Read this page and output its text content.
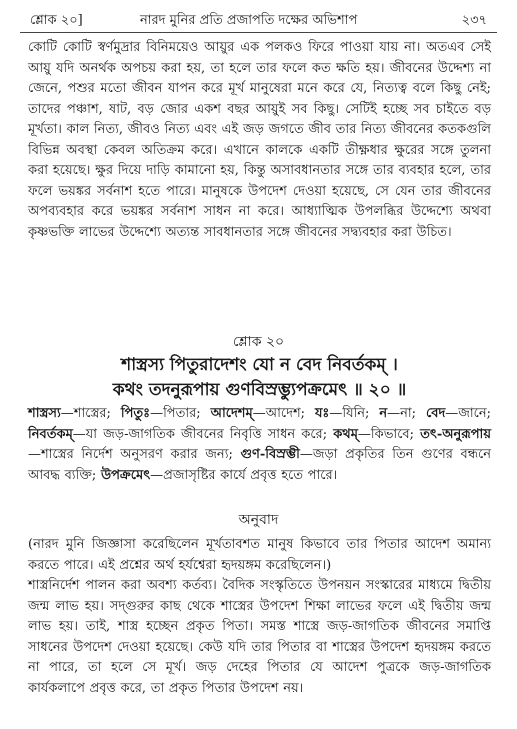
শ্লোক ২০]	নারদ মুনির প্রতি প্রজাপতি দক্ষের অভিশাপ	২৩৭
কোটি কোটি স্বর্ণমুদ্রার বিনিময়েও আয়ুর এক পলকও ফিরে পাওয়া যায় না। অতএব সেই আয়ু যদি অনর্থক অপচয় করা হয়, তা হলে তার ফলে কত ক্ষতি হয়। জীবনের উদ্দেশ্য না জেনে, পশুর মতো জীবন যাপন করে মূর্খ মানুষেরা মনে করে যে, নিত্যত্ব বলে কিছু নেই; তাদের পঞ্চাশ, ষাট, বড় জোর একশ বছর আয়ুই সব কিছু। সেটিই হচ্ছে সব চাইতে বড় মূর্খতা। কাল নিত্য, জীবও নিত্য এবং এই জড় জগতে জীব তার নিত্য জীবনের কতকগুলি বিভিন্ন অবস্থা কেবল অতিক্রম করে। এখানে কালকে একটি তীক্ষ্ণধার ক্ষুরের সঙ্গে তুলনা করা হয়েছে। ক্ষুর দিয়ে দাড়ি কামানো হয়, কিন্তু অসাবধানতার সঙ্গে তার ব্যবহার হলে, তার ফলে ভয়ঙ্কর সর্বনাশ হতে পারে। মানুষকে উপদেশ দেওয়া হয়েছে, সে যেন তার জীবনের অপব্যবহার করে ভয়ঙ্কর সর্বনাশ সাধন না করে। আধ্যাত্মিক উপলব্ধির উদ্দেশ্যে অথবা কৃষ্ণভক্তি লাভের উদ্দেশ্যে অত্যন্ত সাবধানতার সঙ্গে জীবনের সদ্ব্যবহার করা উচিত।
শ্লোক ২০
শাস্ত্রস্য পিতুরাদেশং যো ন বেদ নিবর্তকম্‌ ।
কথং তদনুরূপায় গুণবিস্রম্ভ্যুপক্রমেৎ ॥ ২০ ॥
শাস্ত্রস্য—শাস্ত্রের; পিতুঃ—পিতার; আদেশম্‌—আদেশ; যঃ—যিনি; ন—না; বেদ—জানে; নিবর্তকম্‌—যা জড়-জাগতিক জীবনের নিবৃত্তি সাধন করে; কথম্‌—কিভাবে; তৎ-অনুরূপায়—শাস্ত্রের নির্দেশ অনুসরণ করার জন্য; গুণ-বিস্রম্ভী—জড়া প্রকৃতির তিন গুণের বন্ধনে আবদ্ধ ব্যক্তি; উপক্রমেৎ—প্রজাসৃষ্টির কার্যে প্রবৃত্ত হতে পারে।
অনুবাদ
(নারদ মুনি জিজ্ঞাসা করেছিলেন মূর্খতাবশত মানুষ কিভাবে তার পিতার আদেশ অমান্য করতে পারে। এই প্রশ্নের অর্থ হর্যশ্বেরা হৃদয়ঙ্গম করেছিলেন।)
শাস্ত্রনির্দেশ পালন করা অবশ্য কর্তব্য। বৈদিক সংস্কৃতিতে উপনয়ন সংস্কারের মাধ্যমে দ্বিতীয় জন্ম লাভ হয়। সদ্গুরুর কাছ থেকে শাস্ত্রের উপদেশ শিক্ষা লাভের ফলে এই দ্বিতীয় জন্ম লাভ হয়। তাই, শাস্ত্র হচ্ছেন প্রকৃত পিতা। সমস্ত শাস্ত্রে জড়-জাগতিক জীবনের সমাপ্তি সাধনের উপদেশ দেওয়া হয়েছে। কেউ যদি তার পিতার বা শাস্ত্রের উপদেশ হৃদয়ঙ্গম করতে না পারে, তা হলে সে মূর্খ। জড় দেহের পিতার যে আদেশ পুত্রকে জড়-জাগতিক কার্যকলাপে প্রবৃত্ত করে, তা প্রকৃত পিতার উপদেশ নয়।
